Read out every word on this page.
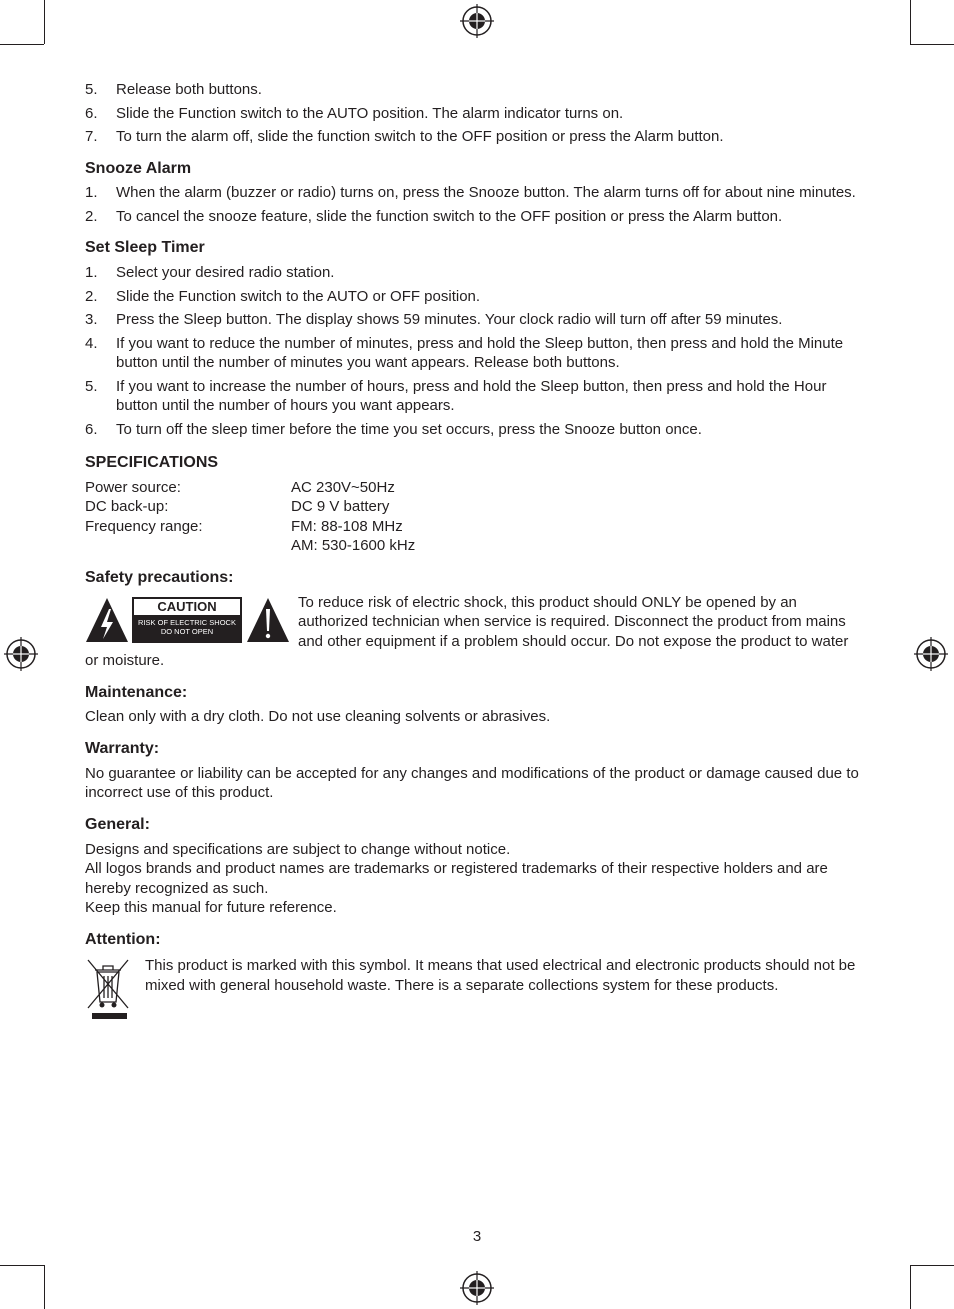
5. Release both buttons.
6. Slide the Function switch to the AUTO position. The alarm indicator turns on.
7. To turn the alarm off, slide the function switch to the OFF position or press the Alarm button.
Snooze Alarm
1. When the alarm (buzzer or radio) turns on, press the Snooze button. The alarm turns off for about nine minutes.
2. To cancel the snooze feature, slide the function switch to the OFF position or press the Alarm button.
Set Sleep Timer
1. Select your desired radio station.
2. Slide the Function switch to the AUTO or OFF position.
3. Press the Sleep button. The display shows 59 minutes. Your clock radio will turn off after 59 minutes.
4. If you want to reduce the number of minutes, press and hold the Sleep button, then press and hold the Minute button until the number of minutes you want appears. Release both buttons.
5. If you want to increase the number of hours, press and hold the Sleep button, then press and hold the Hour button until the number of hours you want appears.
6. To turn off the sleep timer before the time you set occurs, press the Snooze button once.
SPECIFICATIONS
Power source:	AC 230V~50Hz
DC back-up:	DC 9 V battery
Frequency range:	FM: 88-108 MHz
AM: 530-1600 kHz
Safety precautions:
CAUTION
RISK OF ELECTRIC SHOCK
DO NOT OPEN

To reduce risk of electric shock, this product should ONLY be opened by an authorized technician when service is required. Disconnect the product from mains and other equipment if a problem should occur. Do not expose the product to water or moisture.

Maintenance:

Clean only with a dry cloth. Do not use cleaning solvents or abrasives.

Warranty:

No guarantee or liability can be accepted for any changes and modifications of the product or damage caused due to incorrect use of this product.

General:

Designs and specifications are subject to change without notice.

All logos brands and product names are trademarks or registered trademarks of their respective holders and are hereby recognized as such.

Keep this manual for future reference.

Attention:

This product is marked with this symbol. It means that used electrical and electronic products should not be mixed with general household waste. There is a separate collections system for these products.

3
